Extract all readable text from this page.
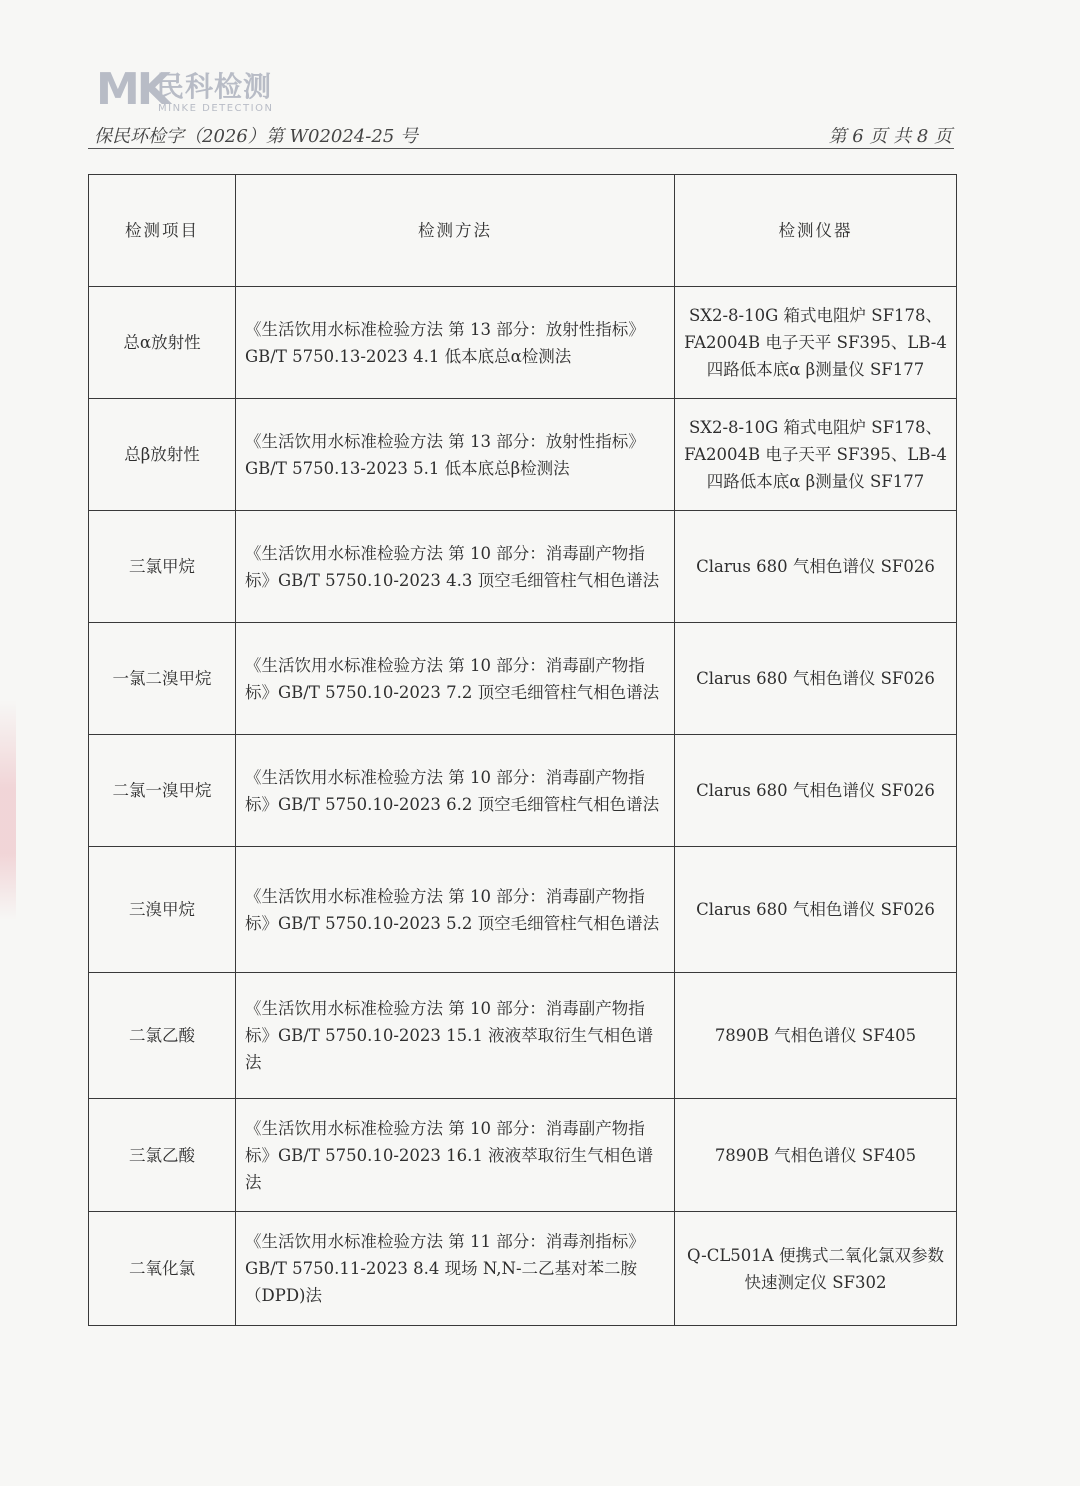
MK
民科检测
MINKE DETECTION
保民环检字（2026）第 W02024-25 号	第 6 页 共 8 页
检测项目	检测方法	检测仪器
总α放射性	《生活饮用水标准检验方法 第 13 部分：放射性指标》GB/T 5750.13-2023 4.1 低本底总α检测法	SX2-8-10G 箱式电阻炉 SF178、FA2004B 电子天平 SF395、LB-4 四路低本底α β测量仪 SF177
总β放射性	《生活饮用水标准检验方法 第 13 部分：放射性指标》GB/T 5750.13-2023 5.1 低本底总β检测法	SX2-8-10G 箱式电阻炉 SF178、FA2004B 电子天平 SF395、LB-4 四路低本底α β测量仪 SF177
三氯甲烷	《生活饮用水标准检验方法 第 10 部分：消毒副产物指标》GB/T 5750.10-2023 4.3 顶空毛细管柱气相色谱法	Clarus 680 气相色谱仪 SF026
一氯二溴甲烷	《生活饮用水标准检验方法 第 10 部分：消毒副产物指标》GB/T 5750.10-2023 7.2 顶空毛细管柱气相色谱法	Clarus 680 气相色谱仪 SF026
二氯一溴甲烷	《生活饮用水标准检验方法 第 10 部分：消毒副产物指标》GB/T 5750.10-2023 6.2 顶空毛细管柱气相色谱法	Clarus 680 气相色谱仪 SF026
三溴甲烷	《生活饮用水标准检验方法 第 10 部分：消毒副产物指标》GB/T 5750.10-2023 5.2 顶空毛细管柱气相色谱法	Clarus 680 气相色谱仪 SF026
二氯乙酸	《生活饮用水标准检验方法 第 10 部分：消毒副产物指标》GB/T 5750.10-2023 15.1 液液萃取衍生气相色谱法	7890B 气相色谱仪 SF405
三氯乙酸	《生活饮用水标准检验方法 第 10 部分：消毒副产物指标》GB/T 5750.10-2023 16.1 液液萃取衍生气相色谱法	7890B 气相色谱仪 SF405
二氧化氯	《生活饮用水标准检验方法 第 11 部分：消毒剂指标》GB/T 5750.11-2023 8.4 现场 N,N-二乙基对苯二胺（DPD)法	Q-CL501A 便携式二氧化氯双参数快速测定仪 SF302
